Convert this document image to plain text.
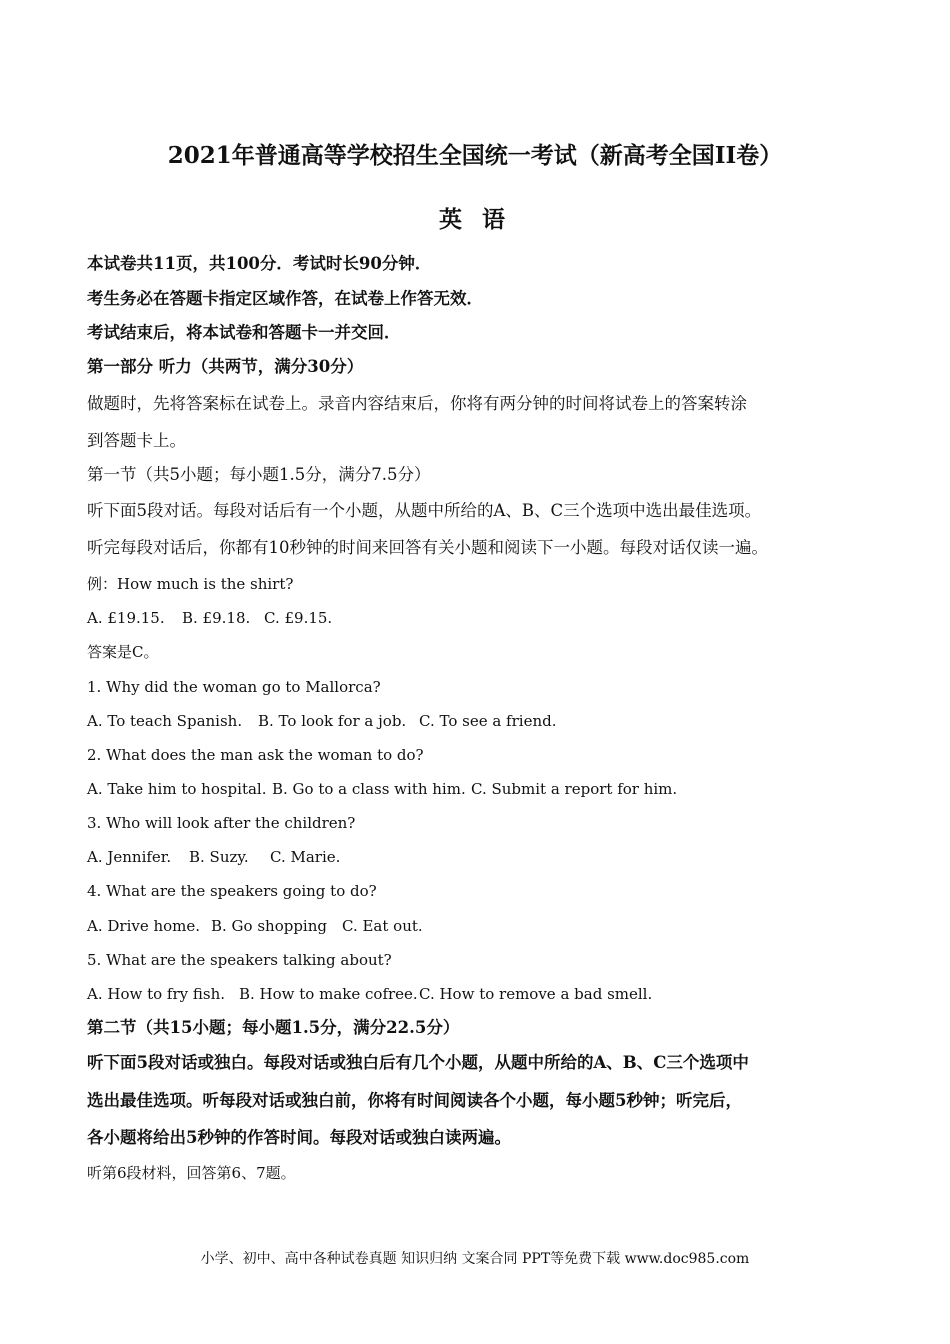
2021年普通高等学校招生全国统一考试（新高考全国II卷）
英 语
本试卷共11页，共100分．考试时长90分钟．
考生务必在答题卡指定区域作答，在试卷上作答无效．
考试结束后，将本试卷和答题卡一并交回．
第一部分 听力（共两节，满分30分）
做题时，先将答案标在试卷上。录音内容结束后，你将有两分钟的时间将试卷上的答案转涂
到答题卡上。
第一节（共5小题；每小题1.5分，满分7.5分）
听下面5段对话。每段对话后有一个小题，从题中所给的A、B、C三个选项中选出最佳选项。
听完每段对话后，你都有10秒钟的时间来回答有关小题和阅读下一小题。每段对话仅读一遍。
例：How much is the shirt?
A. £19.15. B. £9.18. C. £9.15.
答案是C。
1. Why did the woman go to Mallorca?
A. To teach Spanish. B. To look for a job. C. To see a friend.
2. What does the man ask the woman to do?
A. Take him to hospital. B. Go to a class with him. C. Submit a report for him.
3. Who will look after the children?
A. Jennifer. B. Suzy. C. Marie.
4. What are the speakers going to do?
A. Drive home. B. Go shopping C. Eat out.
5. What are the speakers talking about?
A. How to fry fish. B. How to make cofree.C. How to remove a bad smell.
第二节（共15小题；每小题1.5分，满分22.5分）
听下面5段对话或独白。每段对话或独白后有几个小题，从题中所给的A、B、C三个选项中
选出最佳选项。听每段对话或独白前，你将有时间阅读各个小题，每小题5秒钟；听完后，
各小题将给出5秒钟的作答时间。每段对话或独白读两遍。
听第6段材料，回答第6、7题。
小学、初中、高中各种试卷真题 知识归纳 文案合同 PPT等免费下载 www.doc985.com
